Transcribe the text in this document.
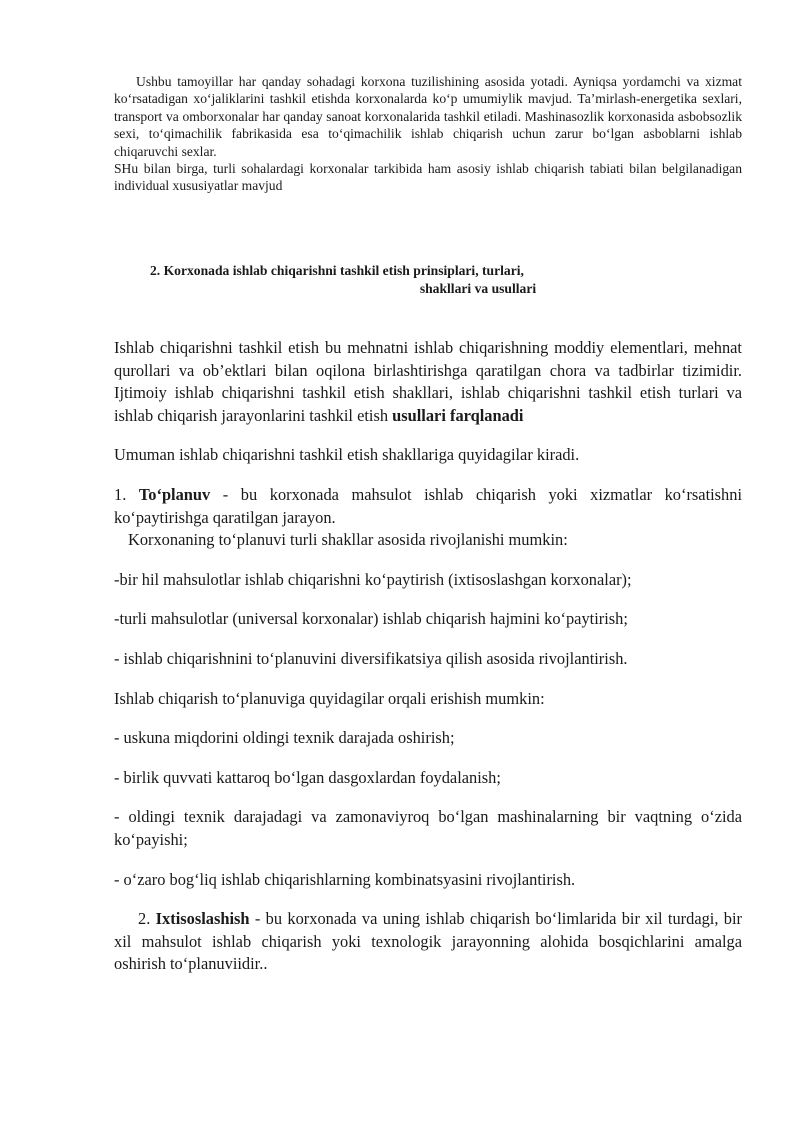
Ushbu tamoyillar har qanday sohadagi korxona tuzilishining asosida yotadi. Ayniqsa yordamchi va xizmat ko‘rsatadigan xo‘jaliklarini tashkil etishda korxonalarda ko‘p umumiylik mavjud. Ta’mirlash-energetika sexlari, transport va omborxonalar har qanday sanoat korxonalarida tashkil etiladi. Mashinasozlik korxonasida asbobsozlik sexi, to‘qimachilik fabrikasida esa to‘qimachilik ishlab chiqarish uchun zarur bo‘lgan asboblarni ishlab chiqaruvchi sexlar.

SHu bilan birga, turli sohalardagi korxonalar tarkibida ham asosiy ishlab chiqarish tabiati bilan belgilanadigan individual xususiyatlar mavjud

2. Korxonada ishlab chiqarishni tashkil etish prinsiplari, turlari,

shakllari va usullari

Ishlab chiqarishni tashkil etish bu mehnatni ishlab chiqarishning moddiy elementlari, mehnat qurollari va ob’ektlari bilan oqilona birlashtirishga qaratilgan chora va tadbirlar tizimidir. Ijtimoiy ishlab chiqarishni tashkil etish shakllari, ishlab chiqarishni tashkil etish turlari va ishlab chiqarish jarayonlarini tashkil etish usullari farqlanadi

Umuman ishlab chiqarishni tashkil etish shakllariga quyidagilar kiradi.

1. To‘planuv - bu korxonada mahsulot ishlab chiqarish yoki xizmatlar ko‘rsatishni ko‘paytirishga qaratilgan jarayon.

Korxonaning to‘planuvi turli shakllar asosida rivojlanishi mumkin:

-bir hil mahsulotlar ishlab chiqarishni ko‘paytirish (ixtisoslashgan korxonalar);

-turli mahsulotlar (universal korxonalar) ishlab chiqarish hajmini ko‘paytirish;

- ishlab chiqarishnini to‘planuvini diversifikatsiya qilish asosida rivojlantirish.

Ishlab chiqarish to‘planuviga quyidagilar orqali erishish mumkin:

- uskuna miqdorini oldingi texnik darajada oshirish;

- birlik quvvati kattaroq bo‘lgan dasgoxlardan foydalanish;

- oldingi texnik darajadagi va zamonaviyroq bo‘lgan mashinalarning bir vaqtning o‘zida ko‘payishi;

- o‘zaro bog‘liq ishlab chiqarishlarning kombinatsyasini rivojlantirish.

2. Ixtisoslashish - bu korxonada va uning ishlab chiqarish bo‘limlarida bir xil turdagi, bir xil mahsulot ishlab chiqarish yoki texnologik jarayonning alohida bosqichlarini amalga oshirish to‘planuviidir..
